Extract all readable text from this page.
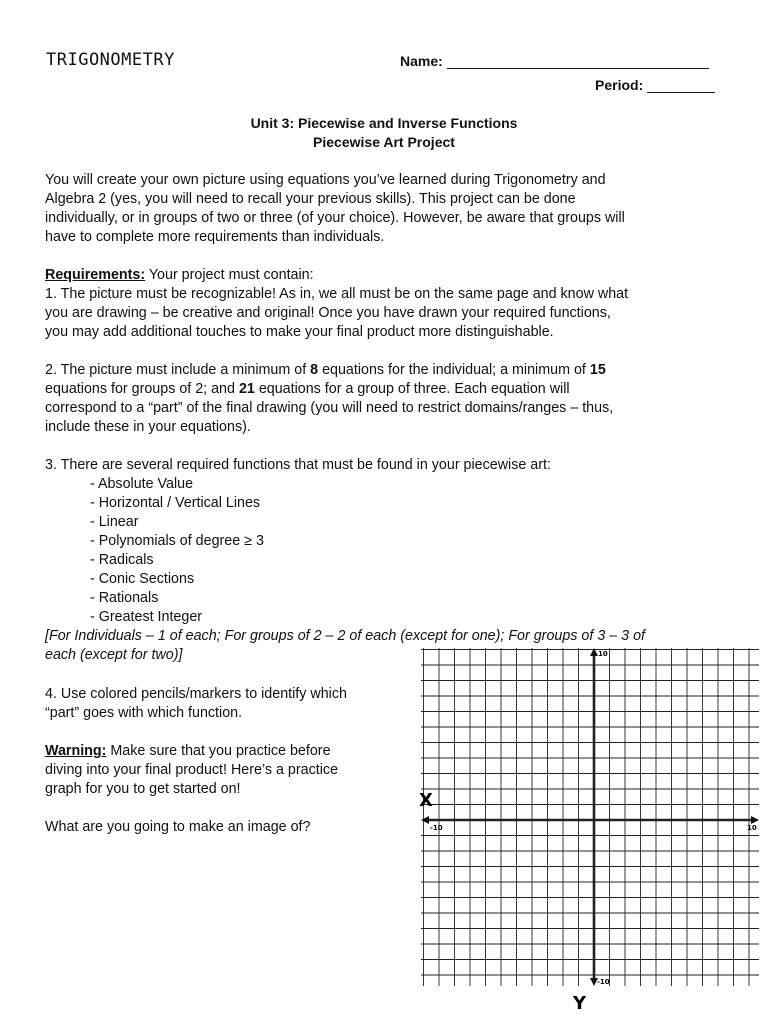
TRIGONOMETRY	Name:
Period:
Unit 3: Piecewise and Inverse Functions
Piecewise Art Project
You will create your own picture using equations you’ve learned during Trigonometry and
Algebra 2 (yes, you will need to recall your previous skills). This project can be done
individually, or in groups of two or three (of your choice). However, be aware that groups will
have to complete more requirements than individuals.
Requirements: Your project must contain:
1. The picture must be recognizable! As in, we all must be on the same page and know what
you are drawing – be creative and original! Once you have drawn your required functions,
you may add additional touches to make your final product more distinguishable.
2. The picture must include a minimum of 8 equations for the individual; a minimum of 15
equations for groups of 2; and 21 equations for a group of three. Each equation will
correspond to a “part” of the final drawing (you will need to restrict domains/ranges – thus,
include these in your equations).
3. There are several required functions that must be found in your piecewise art:
- Absolute Value
- Horizontal / Vertical Lines
- Linear
- Polynomials of degree ≥ 3
- Radicals
- Conic Sections
- Rationals
- Greatest Integer
[For Individuals – 1 of each; For groups of 2 – 2 of each (except for one); For groups of 3 – 3 of
each (except for two)]
4. Use colored pencils/markers to identify which
“part” goes with which function.
Warning: Make sure that you practice before
diving into your final product! Here’s a practice
graph for you to get started on!
What are you going to make an image of?
X
Y
-10	10
10
-10
